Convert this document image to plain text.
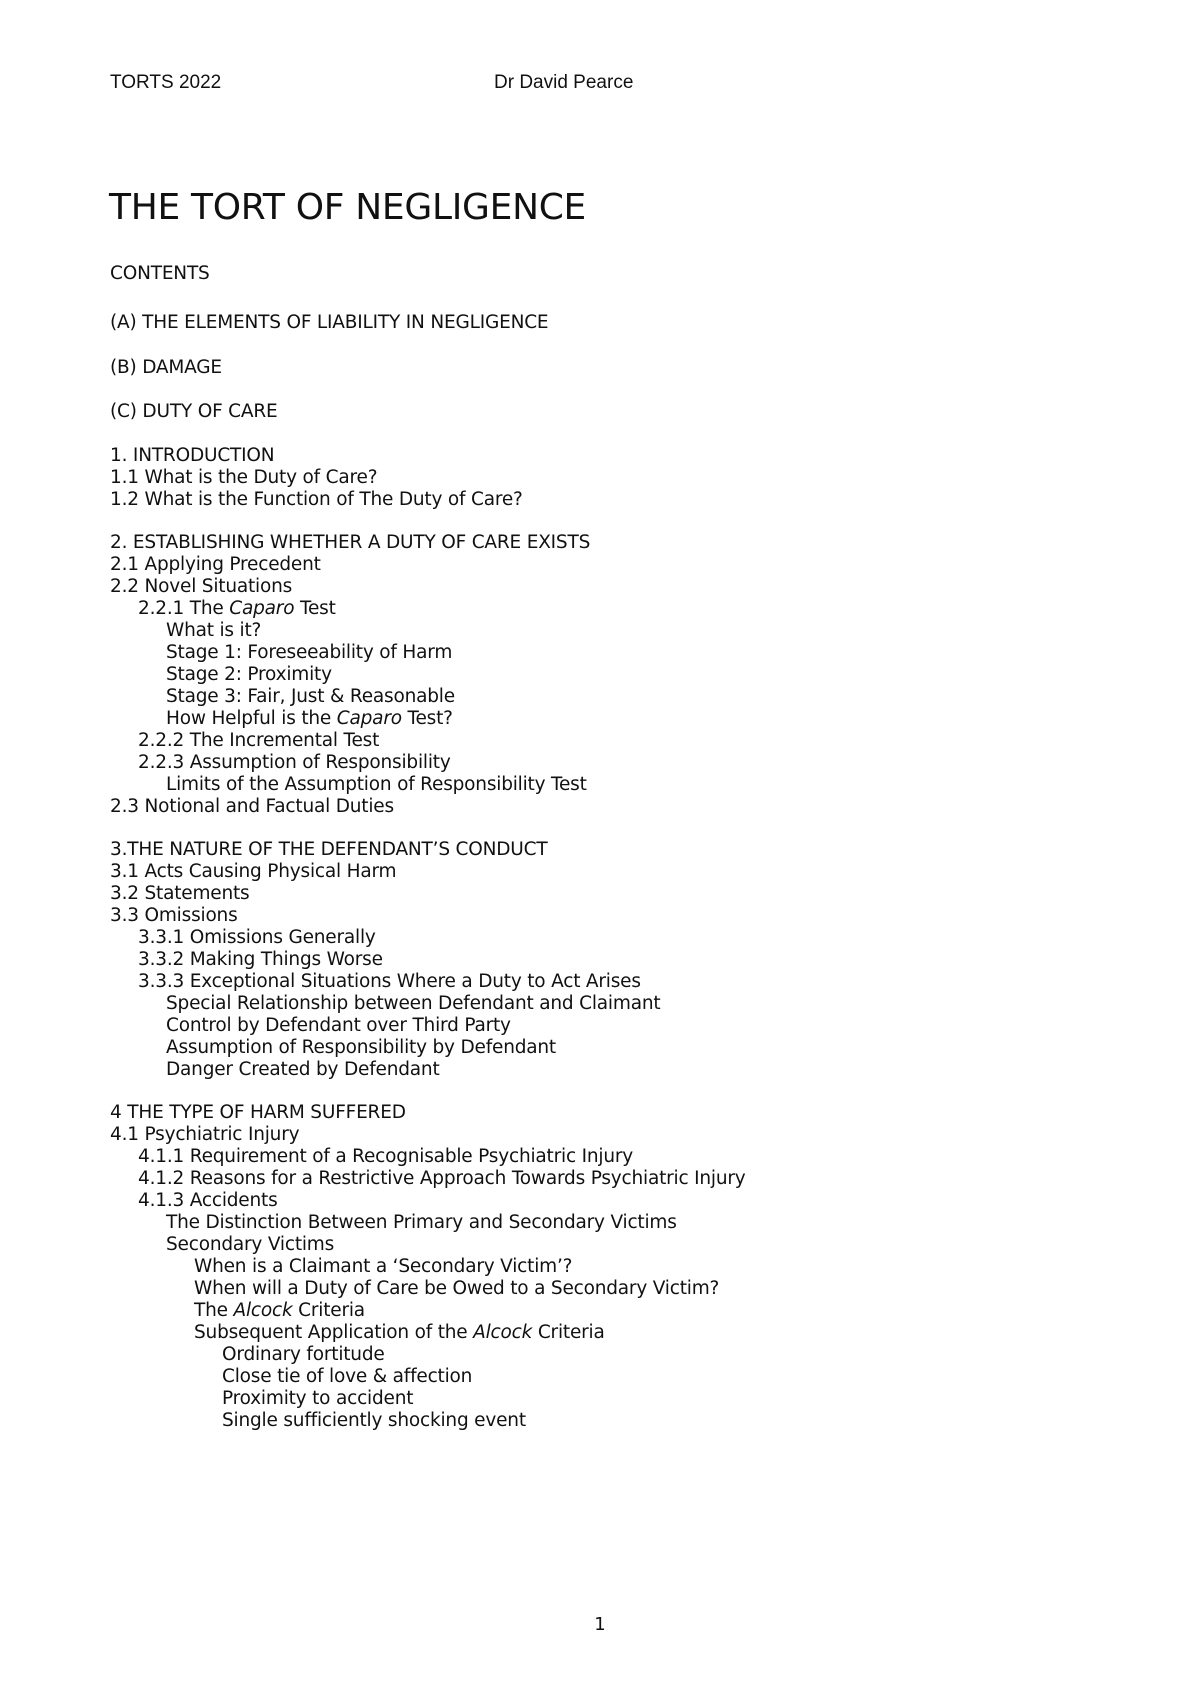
TORTS 2022	Dr David Pearce
THE TORT OF NEGLIGENCE
CONTENTS
(A) THE ELEMENTS OF LIABILITY IN NEGLIGENCE
(B) DAMAGE
(C) DUTY OF CARE
1. INTRODUCTION
1.1 What is the Duty of Care?
1.2 What is the Function of The Duty of Care?
2. ESTABLISHING WHETHER A DUTY OF CARE EXISTS
2.1 Applying Precedent
2.2 Novel Situations
2.2.1 The Caparo Test
What is it?
Stage 1: Foreseeability of Harm
Stage 2: Proximity
Stage 3: Fair, Just & Reasonable
How Helpful is the Caparo Test?
2.2.2 The Incremental Test
2.2.3 Assumption of Responsibility
Limits of the Assumption of Responsibility Test
2.3 Notional and Factual Duties
3.THE NATURE OF THE DEFENDANT’S CONDUCT
3.1 Acts Causing Physical Harm
3.2 Statements
3.3 Omissions
3.3.1 Omissions Generally
3.3.2 Making Things Worse
3.3.3 Exceptional Situations Where a Duty to Act Arises
Special Relationship between Defendant and Claimant
Control by Defendant over Third Party
Assumption of Responsibility by Defendant
Danger Created by Defendant
4 THE TYPE OF HARM SUFFERED
4.1 Psychiatric Injury
4.1.1 Requirement of a Recognisable Psychiatric Injury
4.1.2 Reasons for a Restrictive Approach Towards Psychiatric Injury
4.1.3 Accidents
The Distinction Between Primary and Secondary Victims
Secondary Victims
When is a Claimant a ‘Secondary Victim’?
When will a Duty of Care be Owed to a Secondary Victim?
The Alcock Criteria
Subsequent Application of the Alcock Criteria
Ordinary fortitude
Close tie of love & affection
Proximity to accident
Single sufficiently shocking event
1
